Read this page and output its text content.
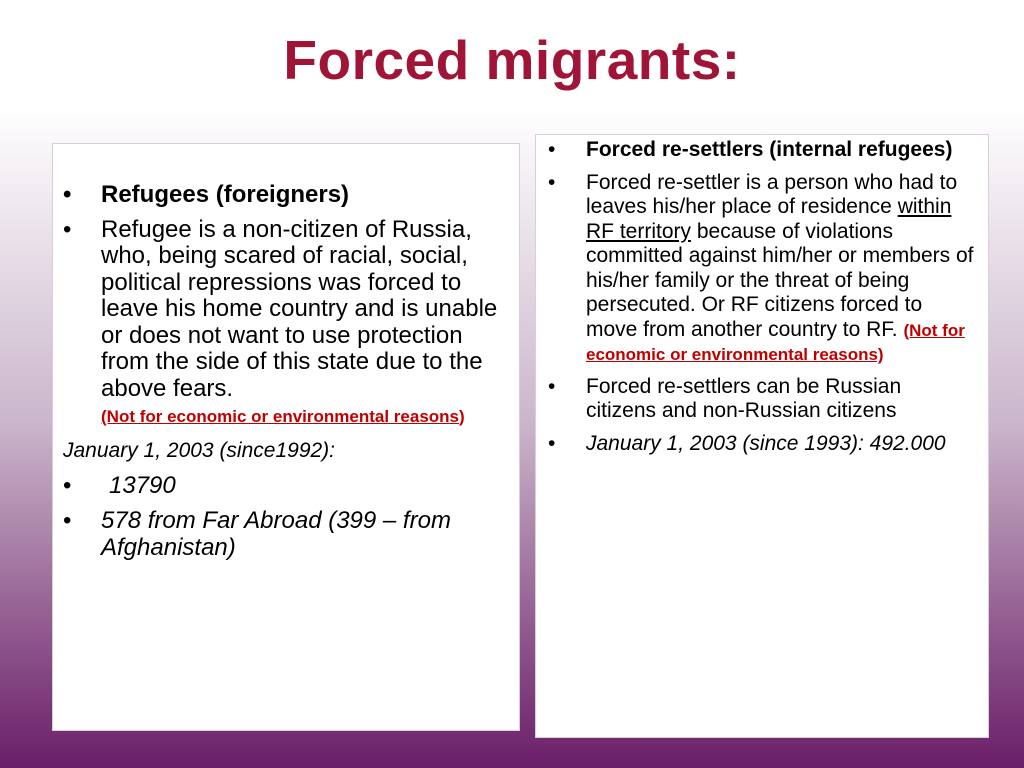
Forced migrants:
• Refugees (foreigners)
• Refugee is a non-citizen of Russia, who, being scared of racial, social, political repressions was forced to leave his home country and is unable or does not want to use protection from the side of this state due to the above fears.
(Not for economic or environmental reasons)
January 1, 2003 (since1992):
• 13790
• 578 from Far Abroad (399 – from Afghanistan)
• Forced re-settlers (internal refugees)
• Forced re-settler is a person who had to leaves his/her place of residence within RF territory because of violations committed against him/her or members of his/her family or the threat of being persecuted. Or RF citizens forced to move from another country to RF. (Not for economic or environmental reasons)
• Forced re-settlers can be Russian citizens and non-Russian citizens
• January 1, 2003 (since 1993): 492.000
